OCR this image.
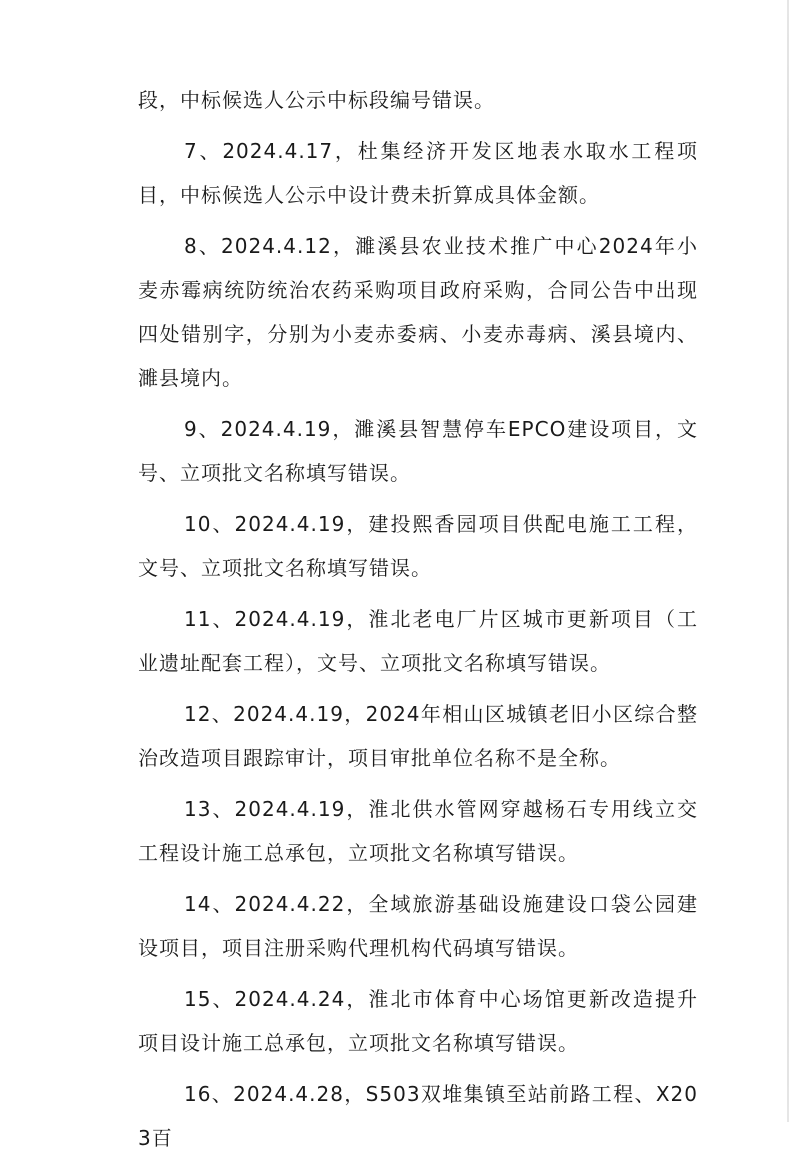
段，中标候选人公示中标段编号错误。

7、2024.4.17，杜集经济开发区地表水取水工程项目，中标候选人公示中设计费未折算成具体金额。

8、2024.4.12，濉溪县农业技术推广中心2024年小麦赤霉病统防统治农药采购项目政府采购，合同公告中出现四处错别字，分别为小麦赤委病、小麦赤毒病、溪县境内、濉县境内。

9、2024.4.19，濉溪县智慧停车EPCO建设项目，文号、立项批文名称填写错误。

10、2024.4.19，建投熙香园项目供配电施工工程，文号、立项批文名称填写错误。

11、2024.4.19，淮北老电厂片区城市更新项目（工业遗址配套工程），文号、立项批文名称填写错误。

12、2024.4.19，2024年相山区城镇老旧小区综合整治改造项目跟踪审计，项目审批单位名称不是全称。

13、2024.4.19，淮北供水管网穿越杨石专用线立交工程设计施工总承包，立项批文名称填写错误。

14、2024.4.22，全域旅游基础设施建设口袋公园建设项目，项目注册采购代理机构代码填写错误。

15、2024.4.24，淮北市体育中心场馆更新改造提升项目设计施工总承包，立项批文名称填写错误。

16、2024.4.28，S503双堆集镇至站前路工程、X203百
